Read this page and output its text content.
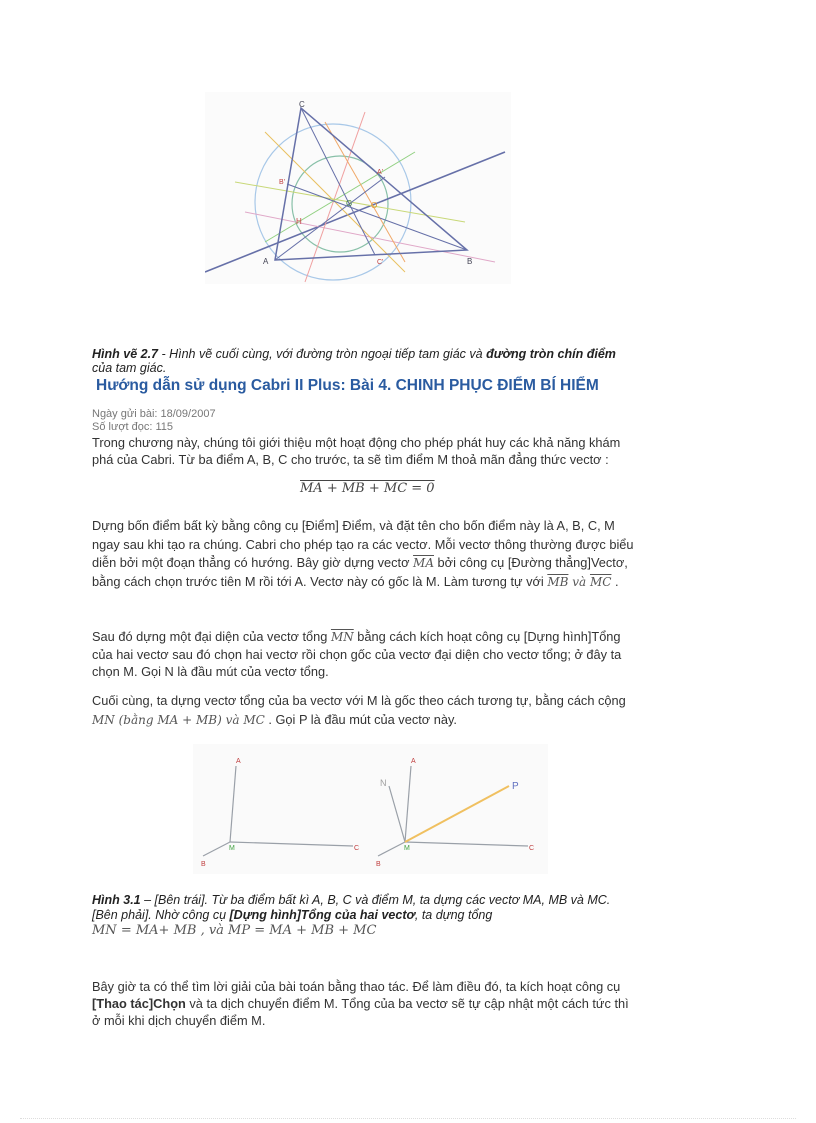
C
A	B
A'
B'
C'
G
H
O
Hình vẽ 2.7 - Hình vẽ cuối cùng, với đường tròn ngoại tiếp tam giác và đường tròn chín điểm của tam giác.
Hướng dẫn sử dụng Cabri II Plus: Bài 4. CHINH PHỤC ĐIỂM BÍ HIỂM
Ngày gửi bài: 18/09/2007
Số lượt đọc: 115
Trong chương này, chúng tôi giới thiệu một hoạt động cho phép phát huy các khả năng khám phá của Cabri. Từ ba điểm A, B, C cho trước, ta sẽ tìm điểm M thoả mãn đẳng thức vectơ :
MA + MB + MC = 0
Dựng bốn điểm bất kỳ bằng công cụ [Điểm] Điểm, và đặt tên cho bốn điểm này là A, B, C, M ngay sau khi tạo ra chúng. Cabri cho phép tạo ra các vectơ. Mỗi vectơ thông thường được biểu diễn bởi một đoạn thẳng có hướng. Bây giờ dựng vectơ $\overline{MA}$ bởi công cụ [Đường thẳng]Vectơ, bằng cách chọn trước tiên M rồi tới A. Vectơ này có gốc là M. Làm tương tự với $\overline{MB}$ và $\overline{MC}$ .
Sau đó dựng một đại diện của vectơ tổng $\overline{MN}$ bằng cách kích hoạt công cụ [Dựng hình]Tổng của hai vectơ sau đó chọn hai vectơ rồi chọn gốc của vectơ đại diện cho vectơ tổng; ở đây ta chọn M. Gọi N là đầu mút của vectơ tổng.
Cuối cùng, ta dựng vectơ tổng của ba vectơ với M là gốc theo cách tương tự, bằng cách cộng MN (bằng MA + MB) và MC . Gọi P là đầu mút của vectơ này.
A
B
C
M
A
B
C
M
N	P
Hình 3.1 – [Bên trái]. Từ ba điểm bất kì A, B, C và điểm M, ta dựng các vectơ MA, MB và MC.
[Bên phải]. Nhờ công cụ [Dựng hình]Tổng của hai vectơ, ta dựng tổng
MN = MA+ MB , và MP = MA + MB + MC
Bây giờ ta có thể tìm lời giải của bài toán bằng thao tác. Để làm điều đó, ta kích hoạt công cụ [Thao tác]Chọn và ta dịch chuyển điểm M. Tổng của ba vectơ sẽ tự cập nhật một cách tức thì ở mỗi khi dịch chuyển điểm M.
